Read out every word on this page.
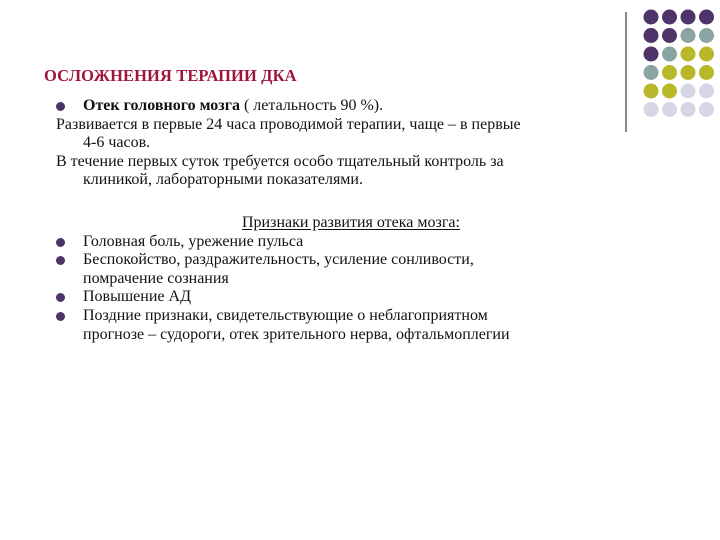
ОСЛОЖНЕНИЯ ТЕРАПИИ ДКА
Отек головного мозга ( летальность 90 %).
Развивается в первые 24 часа проводимой терапии, чаще – в первые
4-6 часов.
В течение первых суток требуется особо тщательный контроль за
клиникой, лабораторными показателями.
Признаки развития отека мозга:
Головная боль, урежение пульса
Беспокойство, раздражительность, усиление сонливости,
помрачение сознания
Повышение АД
Поздние признаки, свидетельствующие о неблагоприятном
прогнозе – судороги, отек зрительного нерва, офтальмоплегии
